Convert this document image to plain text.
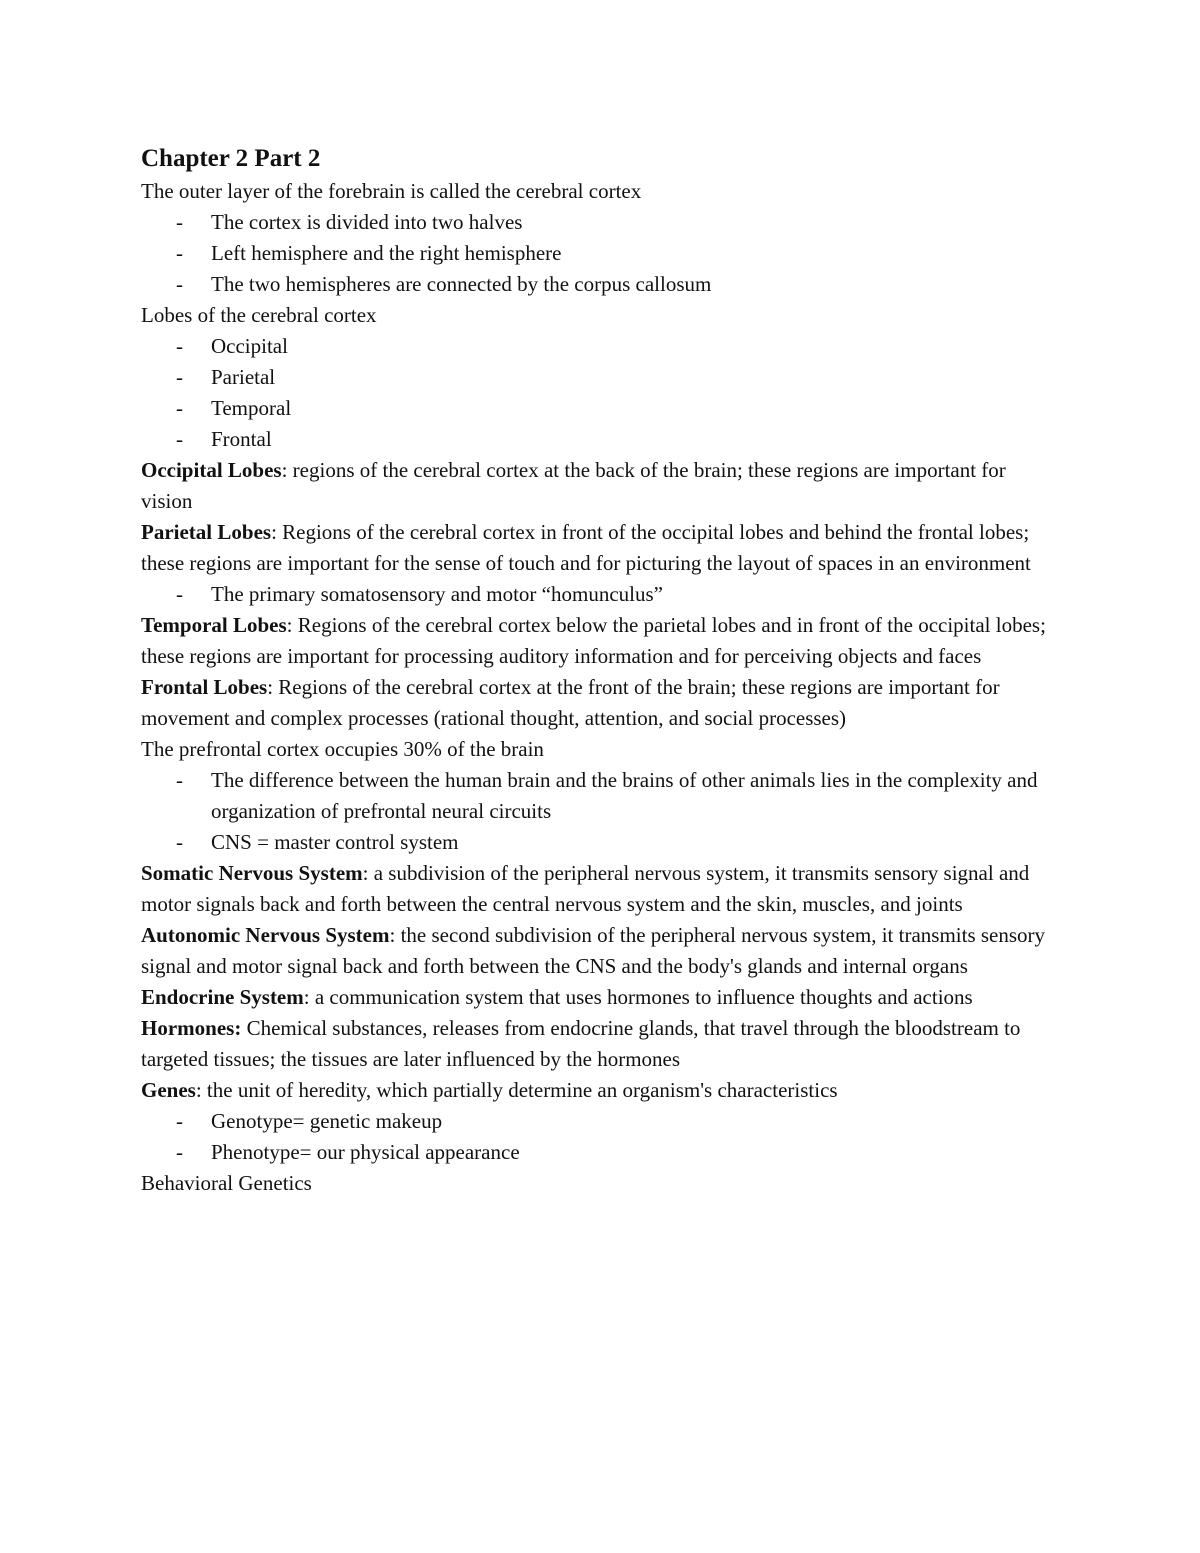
Chapter 2 Part 2

The outer layer of the forebrain is called the cerebral cortex

- The cortex is divided into two halves

- Left hemisphere and the right hemisphere

- The two hemispheres are connected by the corpus callosum

Lobes of the cerebral cortex

- Occipital

- Parietal

- Temporal

- Frontal

Occipital Lobes: regions of the cerebral cortex at the back of the brain; these regions are important for vision

Parietal Lobes: Regions of the cerebral cortex in front of the occipital lobes and behind the frontal lobes; these regions are important for the sense of touch and for picturing the layout of spaces in an environment

- The primary somatosensory and motor “homunculus”

Temporal Lobes: Regions of the cerebral cortex below the parietal lobes and in front of the occipital lobes; these regions are important for processing auditory information and for perceiving objects and faces

Frontal Lobes: Regions of the cerebral cortex at the front of the brain; these regions are important for movement and complex processes (rational thought, attention, and social processes)

The prefrontal cortex occupies 30% of the brain

- The difference between the human brain and the brains of other animals lies in the complexity and organization of prefrontal neural circuits

- CNS = master control system

Somatic Nervous System: a subdivision of the peripheral nervous system, it transmits sensory signal and motor signals back and forth between the central nervous system and the skin, muscles, and joints

Autonomic Nervous System: the second subdivision of the peripheral nervous system, it transmits sensory signal and motor signal back and forth between the CNS and the body's glands and internal organs

Endocrine System: a communication system that uses hormones to influence thoughts and actions

Hormones: Chemical substances, releases from endocrine glands, that travel through the bloodstream to targeted tissues; the tissues are later influenced by the hormones

Genes: the unit of heredity, which partially determine an organism's characteristics

- Genotype= genetic makeup

- Phenotype= our physical appearance

Behavioral Genetics
